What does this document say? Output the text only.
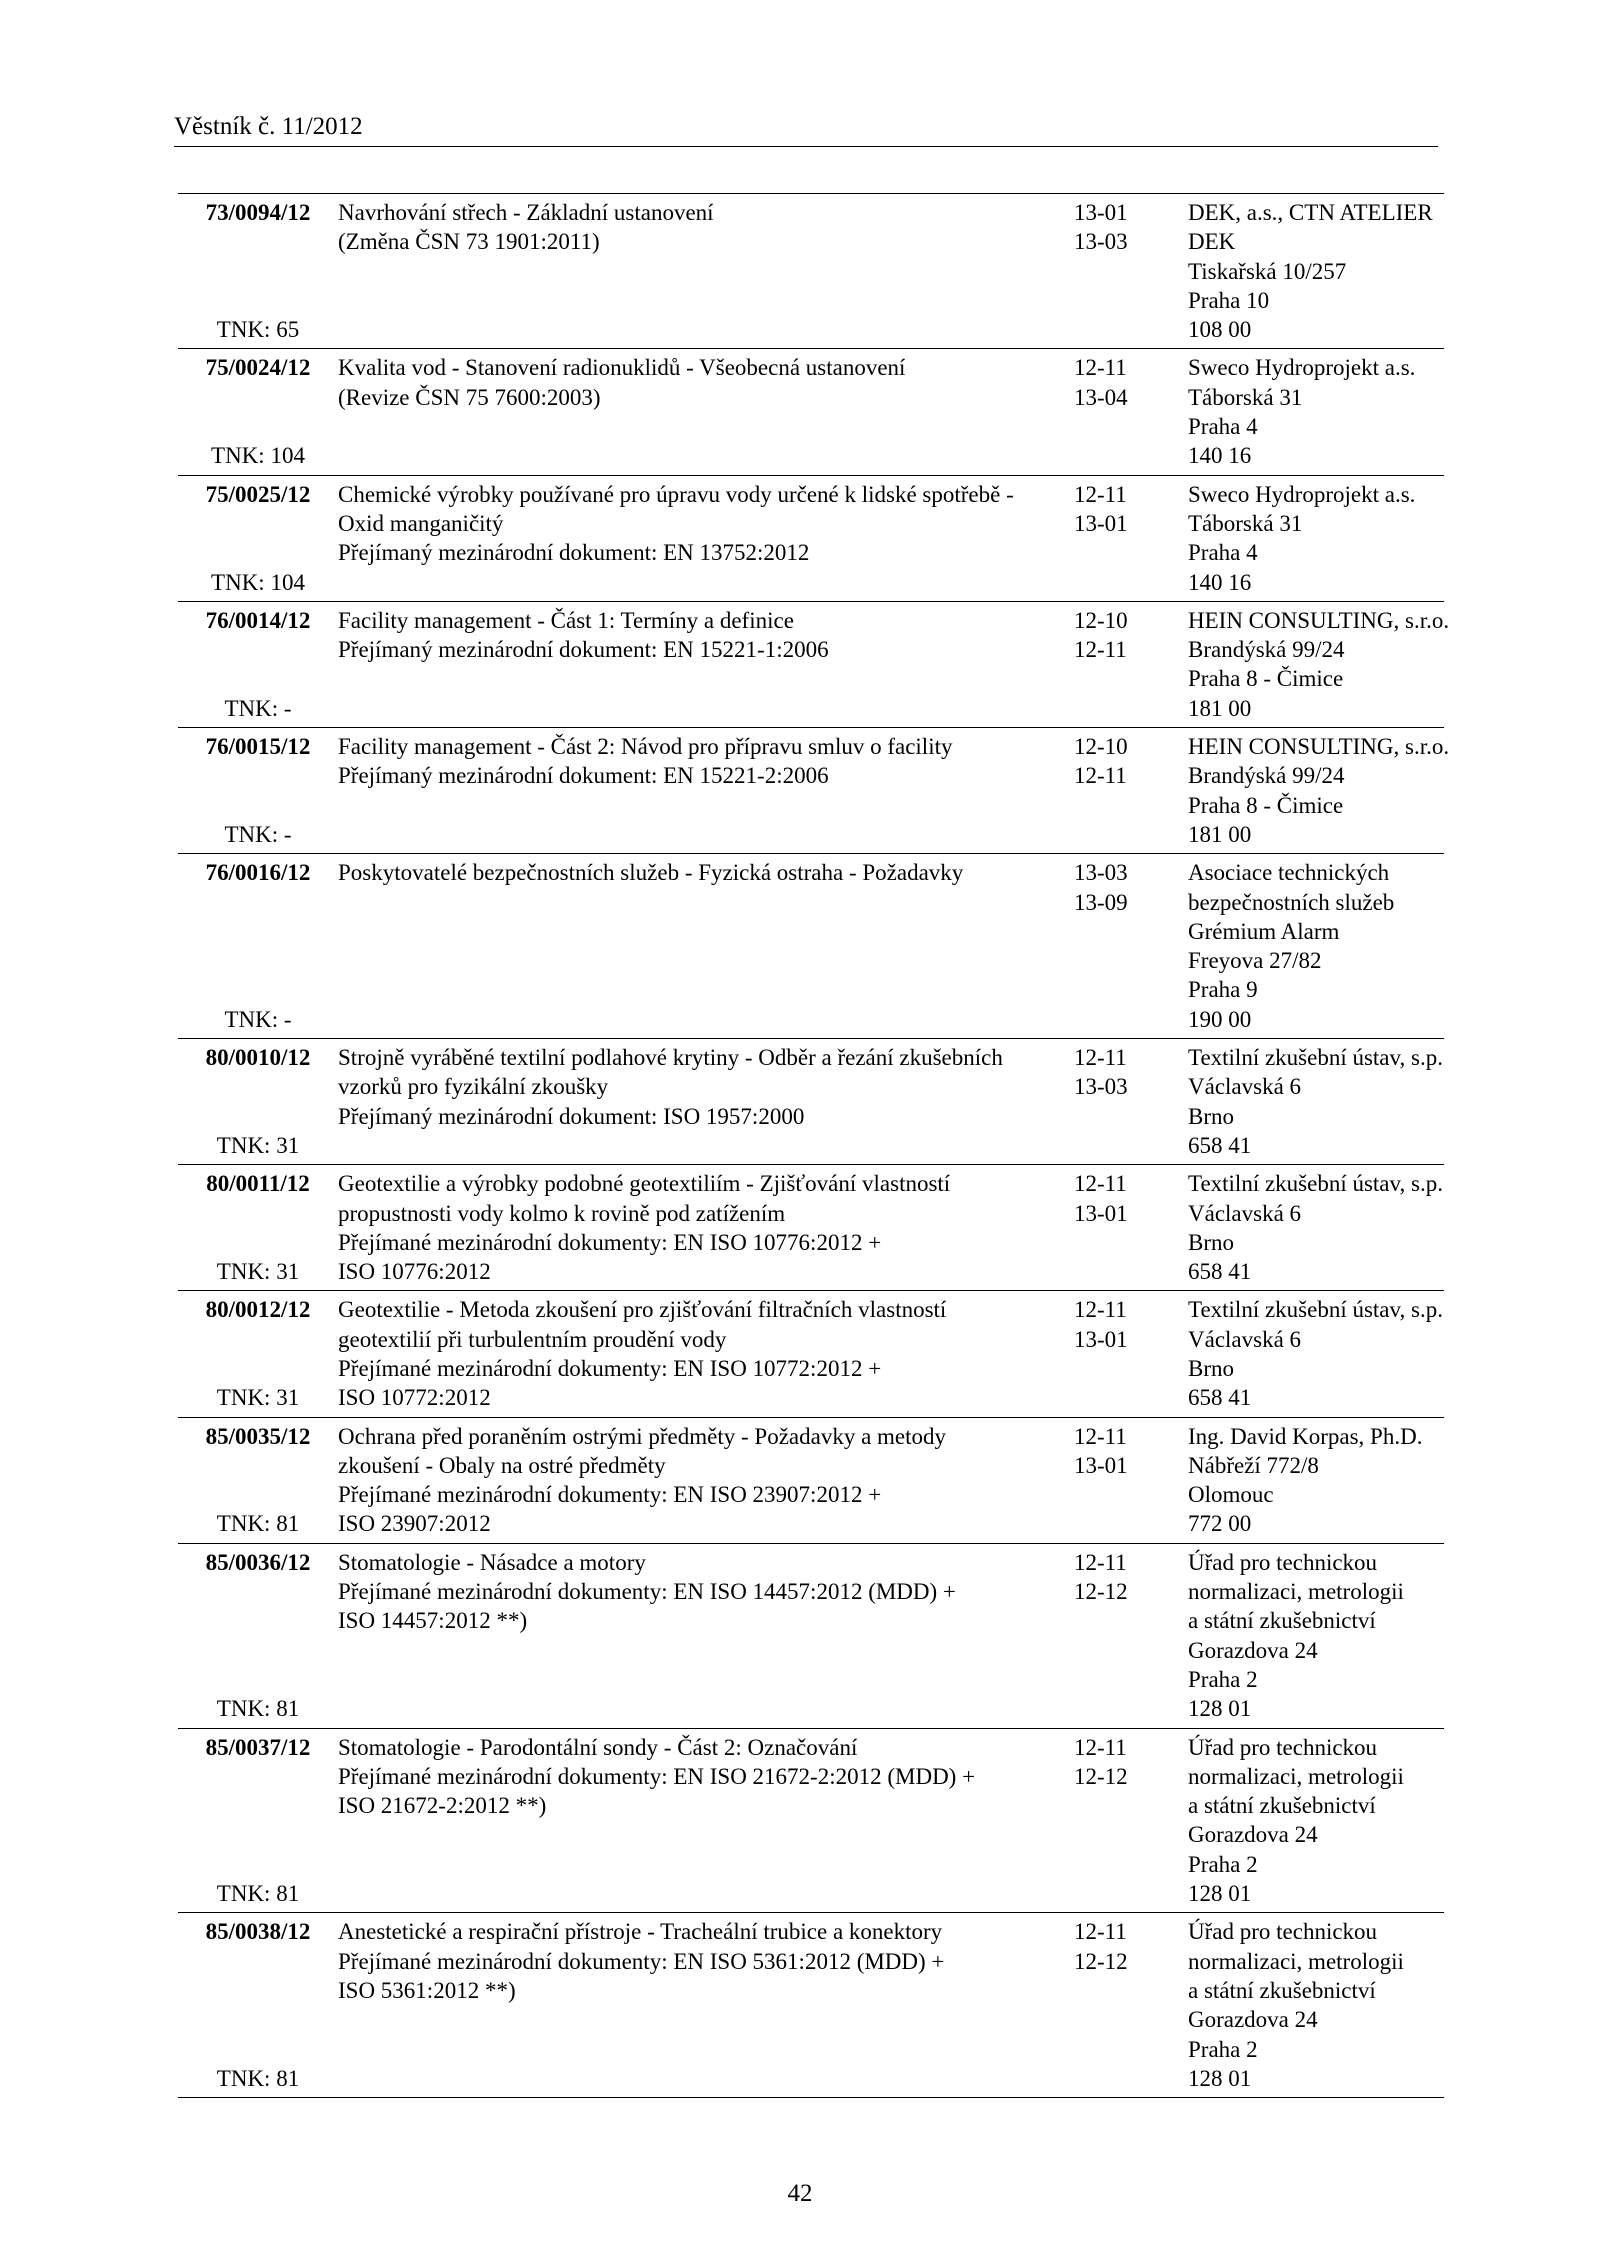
Věstník č. 11/2012
73/0094/12
TNK: 65
Navrhování střech - Základní ustanovení
(Změna ČSN 73 1901:2011)
13-01
13-03
DEK, a.s., CTN ATELIER
DEK
Tiskařská 10/257
Praha 10
108 00
75/0024/12
TNK: 104
Kvalita vod - Stanovení radionuklidů - Všeobecná ustanovení
(Revize ČSN 75 7600:2003)
12-11
13-04
Sweco Hydroprojekt a.s.
Táborská 31
Praha 4
140 16
75/0025/12
TNK: 104
Chemické výrobky používané pro úpravu vody určené k lidské spotřebě -
Oxid manganičitý
Přejímaný mezinárodní dokument: EN 13752:2012
12-11
13-01
Sweco Hydroprojekt a.s.
Táborská 31
Praha 4
140 16
76/0014/12
TNK: -
Facility management - Část 1: Termíny a definice
Přejímaný mezinárodní dokument: EN 15221-1:2006
12-10
12-11
HEIN CONSULTING, s.r.o.
Brandýská 99/24
Praha 8 - Čimice
181 00
76/0015/12
TNK: -
Facility management - Část 2: Návod pro přípravu smluv o facility
Přejímaný mezinárodní dokument: EN 15221-2:2006
12-10
12-11
HEIN CONSULTING, s.r.o.
Brandýská 99/24
Praha 8 - Čimice
181 00
76/0016/12
TNK: -
Poskytovatelé bezpečnostních služeb - Fyzická ostraha - Požadavky	13-03
13-09
Asociace technických
bezpečnostních služeb
Grémium Alarm
Freyova 27/82
Praha 9
190 00
80/0010/12
TNK: 31
Strojně vyráběné textilní podlahové krytiny - Odběr a řezání zkušebních
vzorků pro fyzikální zkoušky
Přejímaný mezinárodní dokument: ISO 1957:2000
12-11
13-03
Textilní zkušební ústav, s.p.
Václavská 6
Brno
658 41
80/0011/12
TNK: 31
Geotextilie a výrobky podobné geotextiliím - Zjišťování vlastností
propustnosti vody kolmo k rovině pod zatížením
Přejímané mezinárodní dokumenty: EN ISO 10776:2012 +
ISO 10776:2012
12-11
13-01
Textilní zkušební ústav, s.p.
Václavská 6
Brno
658 41
80/0012/12
TNK: 31
Geotextilie - Metoda zkoušení pro zjišťování filtračních vlastností
geotextilií při turbulentním proudění vody
Přejímané mezinárodní dokumenty: EN ISO 10772:2012 +
ISO 10772:2012
12-11
13-01
Textilní zkušební ústav, s.p.
Václavská 6
Brno
658 41
85/0035/12
TNK: 81
Ochrana před poraněním ostrými předměty - Požadavky a metody
zkoušení - Obaly na ostré předměty
Přejímané mezinárodní dokumenty: EN ISO 23907:2012 +
ISO 23907:2012
12-11
13-01
Ing. David Korpas, Ph.D.
Nábřeží 772/8
Olomouc
772 00
85/0036/12
TNK: 81
Stomatologie - Násadce a motory
Přejímané mezinárodní dokumenty: EN ISO 14457:2012 (MDD) +
ISO 14457:2012 **)
12-11
12-12
Úřad pro technickou
normalizaci, metrologii
a státní zkušebnictví
Gorazdova 24
Praha 2
128 01
85/0037/12
TNK: 81
Stomatologie - Parodontální sondy - Část 2: Označování
Přejímané mezinárodní dokumenty: EN ISO 21672-2:2012 (MDD) +
ISO 21672-2:2012 **)
12-11
12-12
Úřad pro technickou
normalizaci, metrologii
a státní zkušebnictví
Gorazdova 24
Praha 2
128 01
85/0038/12
TNK: 81
Anestetické a respirační přístroje - Tracheální trubice a konektory
Přejímané mezinárodní dokumenty: EN ISO 5361:2012 (MDD) +
ISO 5361:2012 **)
12-11
12-12
Úřad pro technickou
normalizaci, metrologii
a státní zkušebnictví
Gorazdova 24
Praha 2
128 01
42
